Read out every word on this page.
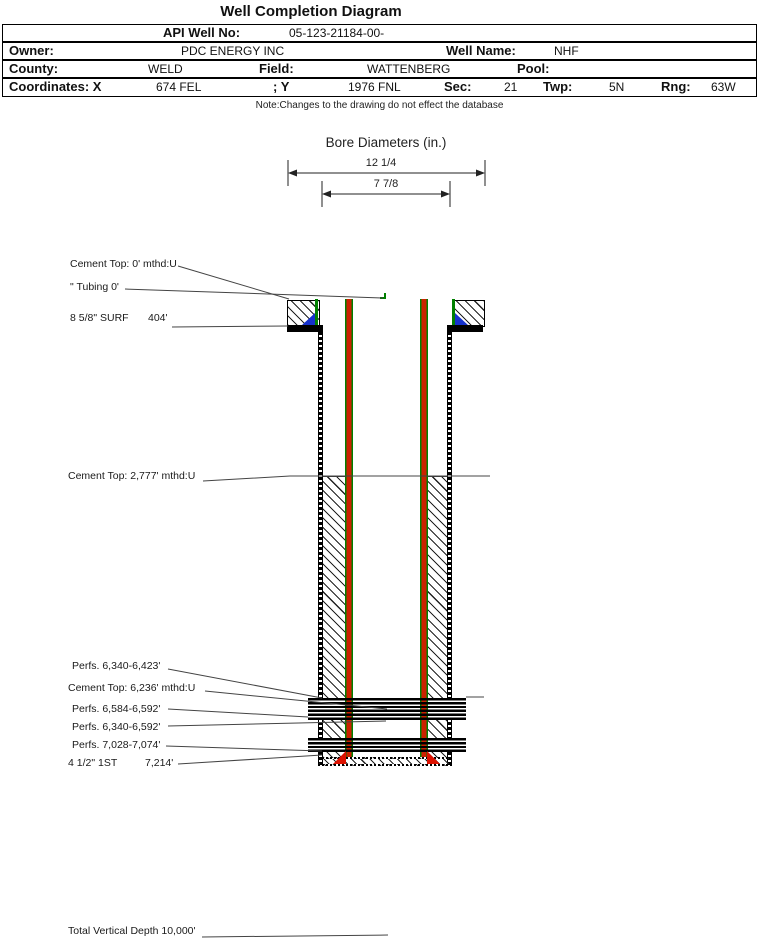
Well Completion Diagram
API Well No:	05-123-21184-00-
Owner:	PDC ENERGY INC	Well Name:	NHF
County:	WELD	Field:	WATTENBERG	Pool:
Coordinates: X	674 FEL	; Y	1976 FNL	Sec:	21 Twp:	5N	Rng: 63W
Note:Changes to the drawing do not effect the database
Bore Diameters (in.)
12 1/4
7 7/8
Cement Top: 0' mthd:U
" Tubing 0'
8 5/8" SURF 404'
Cement Top: 2,777' mthd:U
Perfs. 6,340-6,423'
Cement Top: 6,236' mthd:U
Perfs. 6,584-6,592'
Perfs. 6,340-6,592'
Perfs. 7,028-7,074'
4 1/2" 1ST	7,214'
Total Vertical Depth 10,000'
